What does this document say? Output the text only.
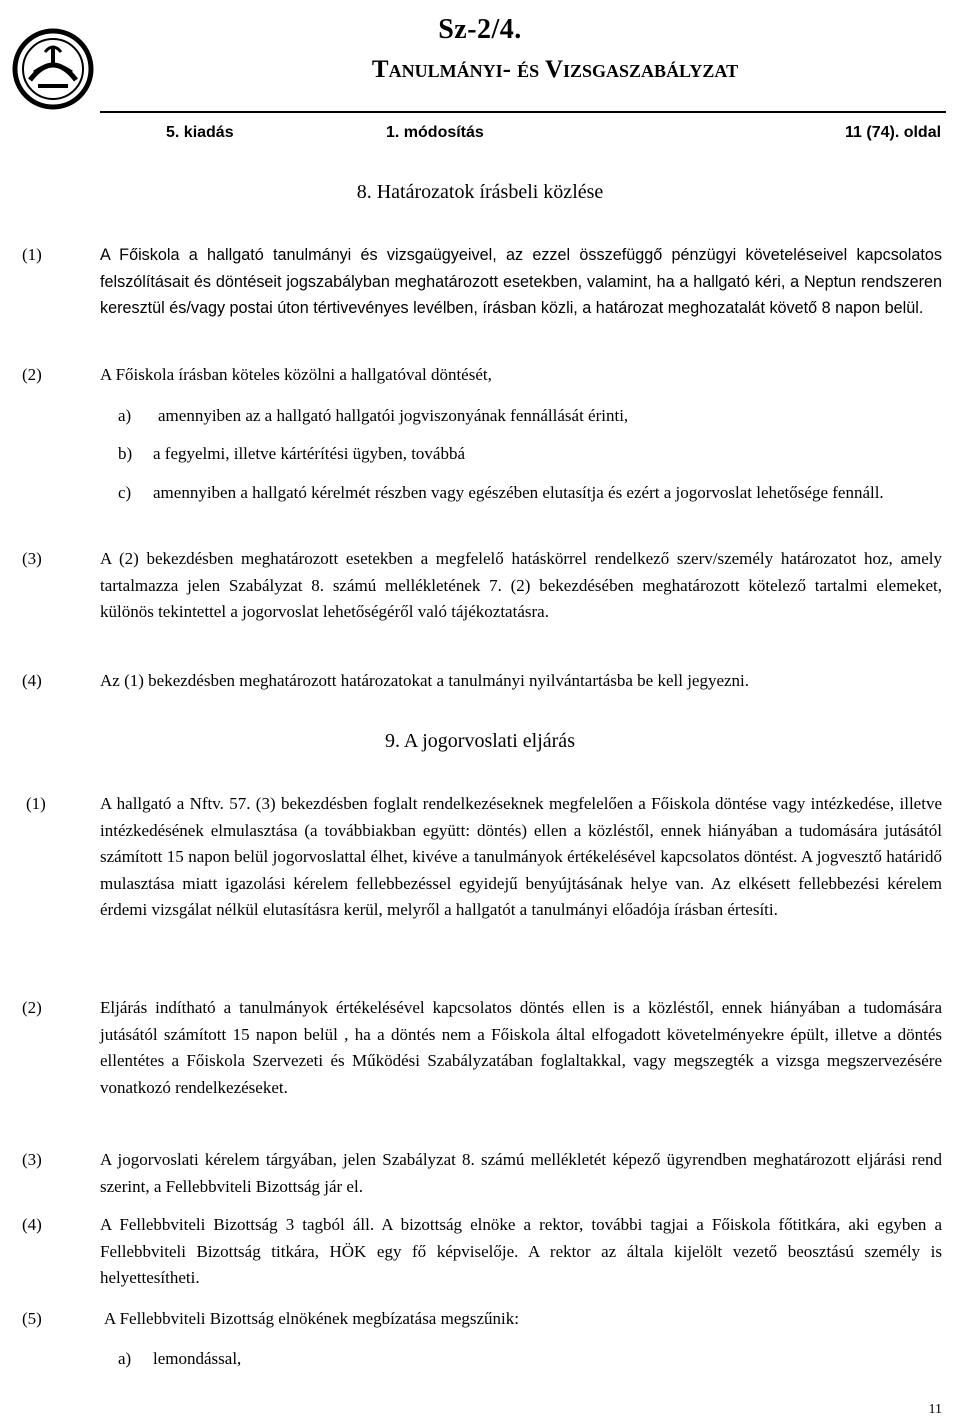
Sz-2/4.
Tanulmányi- és Vizsgaszabályzat
5. kiadás	1. módosítás	11 (74). oldal
8. Határozatok írásbeli közlése
(1)	A Főiskola a hallgató tanulmányi és vizsgaügyeivel, az ezzel összefüggő pénzügyi követeléseivel kapcsolatos felszólításait és döntéseit jogszabályban meghatározott esetekben, valamint, ha a hallgató kéri, a Neptun rendszeren keresztül és/vagy postai úton tértivevényes levélben, írásban közli, a határozat meghozatalát követő 8 napon belül.
(2)	A Főiskola írásban köteles közölni a hallgatóval döntését,
a) amennyiben az a hallgató hallgatói jogviszonyának fennállását érinti,
b) a fegyelmi, illetve kártérítési ügyben, továbbá
c) amennyiben a hallgató kérelmét részben vagy egészében elutasítja és ezért a jogorvoslat lehetősége fennáll.
(3)	A (2) bekezdésben meghatározott esetekben a megfelelő hatáskörrel rendelkező szerv/személy határozatot hoz, amely tartalmazza jelen Szabályzat 8. számú mellékletének 7. (2) bekezdésében meghatározott kötelező tartalmi elemeket, különös tekintettel a jogorvoslat lehetőségéről való tájékoztatásra.
(4)	Az (1) bekezdésben meghatározott határozatokat a tanulmányi nyilvántartásba be kell jegyezni.
9. A jogorvoslati eljárás
(1)	A hallgató a Nftv. 57. (3) bekezdésben foglalt rendelkezéseknek megfelelően a Főiskola döntése vagy intézkedése, illetve intézkedésének elmulasztása (a továbbiakban együtt: döntés) ellen a közléstől, ennek hiányában a tudomására jutásától számított 15 napon belül jogorvoslattal élhet, kivéve a tanulmányok értékelésével kapcsolatos döntést. A jogvesztő határidő mulasztása miatt igazolási kérelem fellebbezéssel egyidejű benyújtásának helye van. Az elkésett fellebbezési kérelem érdemi vizsgálat nélkül elutasításra kerül, melyről a hallgatót a tanulmányi előadója írásban értesíti.
(2)	Eljárás indítható a tanulmányok értékelésével kapcsolatos döntés ellen is a közléstől, ennek hiányában a tudomására jutásától számított 15 napon belül , ha a döntés nem a Főiskola által elfogadott követelményekre épült, illetve a döntés ellentétes a Főiskola Szervezeti és Működési Szabályzatában foglaltakkal, vagy megszegték a vizsga megszervezésére vonatkozó rendelkezéseket.
(3)	A jogorvoslati kérelem tárgyában, jelen Szabályzat 8. számú mellékletét képező ügyrendben meghatározott eljárási rend szerint, a Fellebbviteli Bizottság jár el.
(4)	A Fellebbviteli Bizottság 3 tagból áll. A bizottság elnöke a rektor, további tagjai a Főiskola főtitkára, aki egyben a Fellebbviteli Bizottság titkára, HÖK egy fő képviselője. A rektor az általa kijelölt vezető beosztású személy is helyettesítheti.
(5)	A Fellebbviteli Bizottság elnökének megbízatása megszűnik:
a) lemondással,
11
